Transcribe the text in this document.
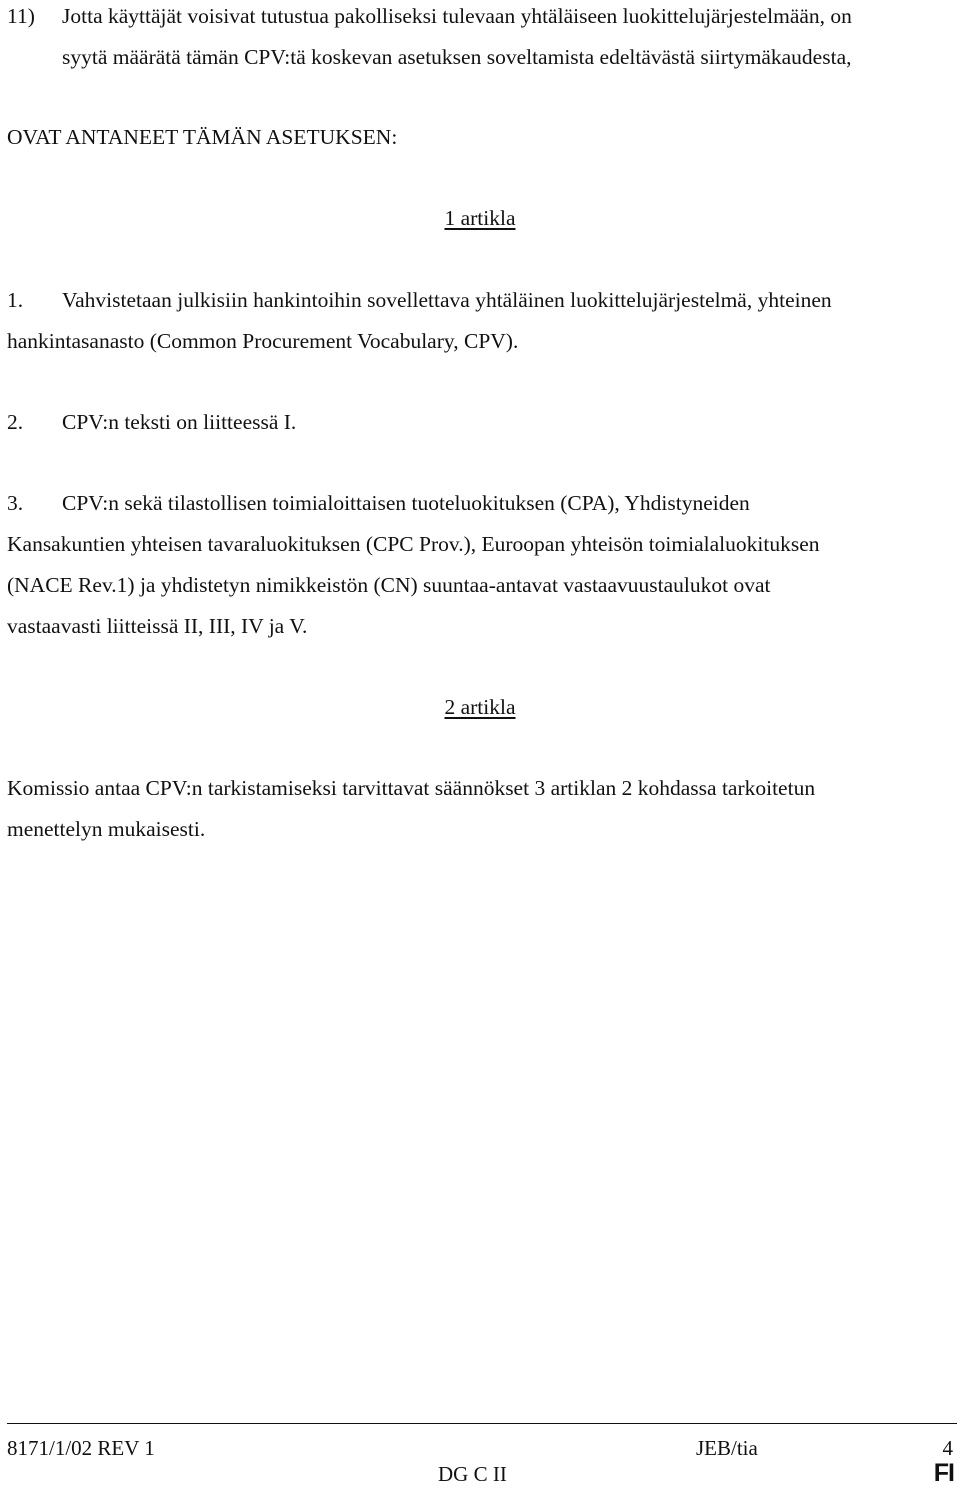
11) Jotta käyttäjät voisivat tutustua pakolliseksi tulevaan yhtäläiseen luokittelujärjestelmään, on
syytä määrätä tämän CPV:tä koskevan asetuksen soveltamista edeltävästä siirtymäkaudesta,
OVAT ANTANEET TÄMÄN ASETUKSEN:
1 artikla
1. Vahvistetaan julkisiin hankintoihin sovellettava yhtäläinen luokittelujärjestelmä, yhteinen
hankintasanasto (Common Procurement Vocabulary, CPV).
2. CPV:n teksti on liitteessä I.
3. CPV:n sekä tilastollisen toimialoittaisen tuoteluokituksen (CPA), Yhdistyneiden
Kansakuntien yhteisen tavaraluokituksen (CPC Prov.), Euroopan yhteisön toimialaluokituksen
(NACE Rev.1) ja yhdistetyn nimikkeistön (CN) suuntaa-antavat vastaavuustaulukot ovat
vastaavasti liitteissä II, III, IV ja V.
2 artikla
Komissio antaa CPV:n tarkistamiseksi tarvittavat säännökset 3 artiklan 2 kohdassa tarkoitetun
menettelyn mukaisesti.
8171/1/02 REV 1	JEB/tia	4
DG C II	FI
